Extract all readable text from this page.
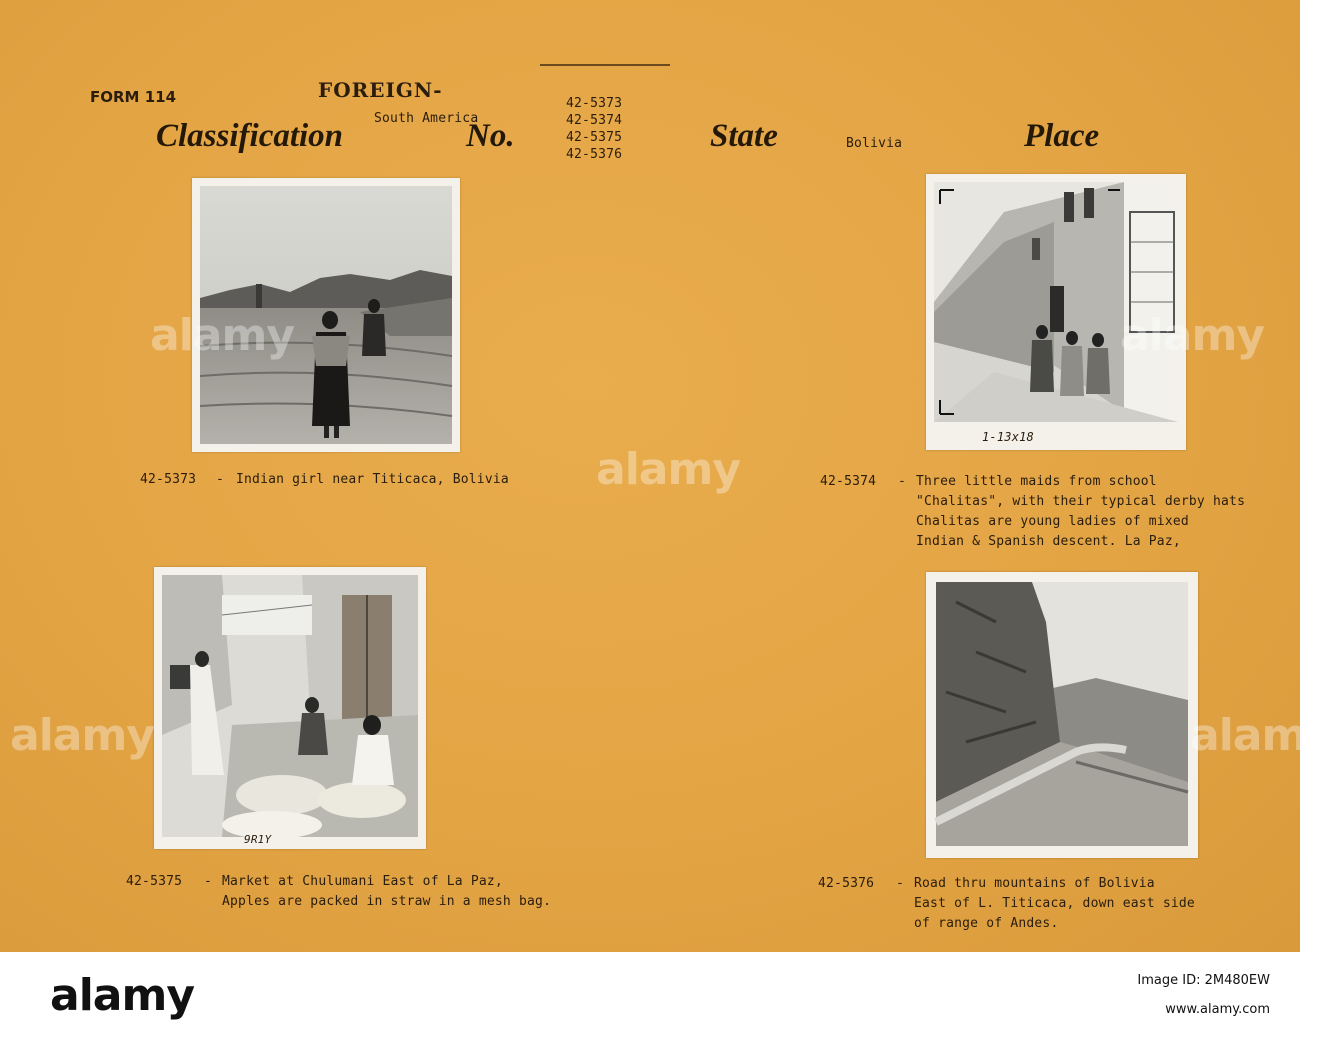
FORM 114	FOREIGN-
South America
Classification	No.
42-5373
42-5374
42-5375
42-5376
State	Bolivia	Place
1-13x18
9R1Y
42-5373 - Indian girl near Titicaca, Bolivia	42-5374 - Three little maids from school
"Chalitas", with their typical derby hats
Chalitas are young ladies of mixed
Indian & Spanish descent. La Paz,
42-5375 - Market at Chulumani East of La Paz,
Apples are packed in straw in a mesh bag.
42-5376 - Road thru mountains of Bolivia
East of L. Titicaca, down east side
of range of Andes.
alamy
alamy
alamy
alamy	alamy
alamy	Image ID: 2M480EW
www.alamy.com
